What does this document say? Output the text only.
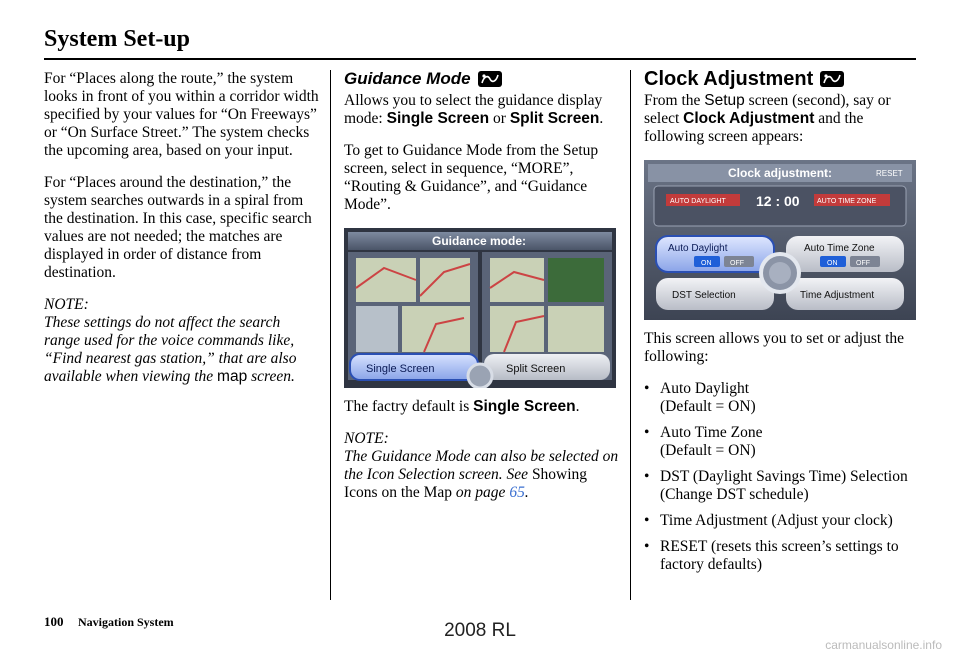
System Set-up

For “Places along the route,” the system looks in front of you within a corridor width specified by your values for “On Freeways” or “On Surface Street.” The system checks the upcoming area, based on your input.

For “Places around the destination,” the system searches outwards in a spiral from the destination. In this case, specific search values are not needed; the matches are displayed in order of distance from destination.

NOTE:

These settings do not affect the search range used for the voice commands like, “Find nearest gas station,” that are also available when viewing the map screen.

Guidance Mode

Allows you to select the guidance display mode: Single Screen or Split Screen.

To get to Guidance Mode from the Setup screen, select in sequence, “MORE”, “Routing & Guidance”, and “Guidance Mode”.

Guidance mode:
Single Screen	Split Screen

The factry default is Single Screen.

NOTE:

The Guidance Mode can also be selected on the Icon Selection screen. See Showing Icons on the Map on page 65.

Clock Adjustment

From the Setup screen (second), say or select Clock Adjustment and the following screen appears:

Clock adjustment:	RESET
AUTO DAYLIGHT 12 : 00 AUTO TIME ZONE
Auto Daylight
ON	OFF
Auto Time Zone
ON	OFF
DST Selection	Time Adjustment

This screen allows you to set or adjust the following:

• Auto Daylight
(Default = ON)
• Auto Time Zone
(Default = ON)
• DST (Daylight Savings Time) Selection
(Change DST schedule)
• Time Adjustment (Adjust your clock)
• RESET (resets this screen’s settings to factory defaults)
100 Navigation System	2008 RL
carmanualsonline.info
